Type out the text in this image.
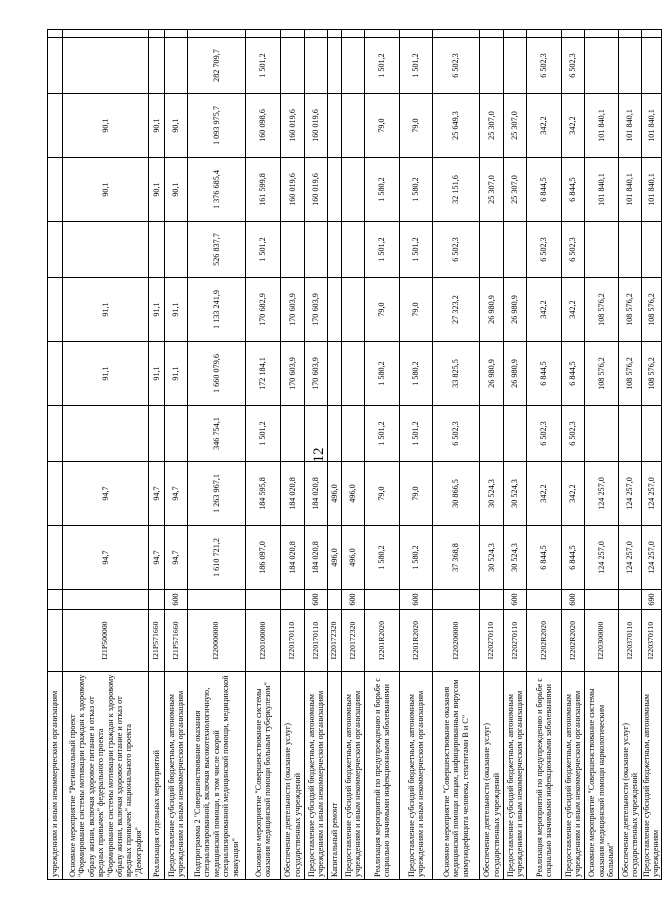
учреждениям и иным некоммерческим организациям													
Основное мероприятие "Региональный проект "Формирование системы мотивации граждан к здоровому образу жизни, включая здоровое питание и отказ от вредных привычек" федерального проекта "Формирование системы мотивации граждан к здоровому образу жизни, включая здоровое питание и отказ от вредных привычек" национального проекта "Демография"	I21P500000		94,7	94,7		91,1	91,1		90,1	90,1			
Реализация отдельных мероприятий	I21P571660		94,7	94,7		91,1	91,1		90,1	90,1			
Предоставление субсидий бюджетным, автономным учреждениям и иным некоммерческим организациям	I21P571660	600	94,7	94,7		91,1	91,1		90,1	90,1			
Подпрограмма 2 "Совершенствование оказания специализированной, включая высокотехнологичную, медицинской помощи, в том числе скорой специализированной медицинской помощи, медицинской эвакуации"	I220000000		1 610 721,2	1 263 967,1	346 754,1	1 660 079,6	1 133 241,9	526 837,7	1 376 685,4	1 093 975,7	282 709,7		
Основное мероприятие "Совершенствование системы оказания медицинской помощи больным туберкулезом"	I220100000		186 097,0	184 595,8	1 501,2	172 184,1	170 682,9	1 501,2	161 599,8	160 098,6	1 501,2		
Обеспечение деятельности (оказание услуг) государственных учреждений	I220170110		184 020,8	184 020,8		170 603,9	170 603,9		160 019,6	160 019,6			
Предоставление субсидий бюджетным, автономным учреждениям и иным некоммерческим организациям	I220170110	600	184 020,8	184 020,8		170 603,9	170 603,9		160 019,6	160 019,6			
Капитальный ремонт	I220172320		496,0	496,0									
Предоставление субсидий бюджетным, автономным учреждениям и иным некоммерческим организациям	I220172320	600	496,0	496,0									
Реализация мероприятий по предупреждению и борьбе с социально значимыми инфекционными заболеваниями	I2201R2020		1 580,2	79,0	1 501,2	1 580,2	79,0	1 501,2	1 580,2	79,0	1 501,2		
Предоставление субсидий бюджетным, автономным учреждениям и иным некоммерческим организациям	I2201R2020	600	1 580,2	79,0	1 501,2	1 580,2	79,0	1 501,2	1 580,2	79,0	1 501,2		
Основное мероприятие "Совершенствование оказания медицинской помощи лицам, инфицированным вирусом иммунодефицита человека, гепатитами В и С"	I220200000		37 368,8	30 866,5	6 502,3	33 825,5	27 323,2	6 502,3	32 151,6	25 649,3	6 502,3		
Обеспечение деятельности (оказание услуг) государственных учреждений	I220270110		30 524,3	30 524,3		26 980,9	26 980,9		25 307,0	25 307,0			
Предоставление субсидий бюджетным, автономным учреждениям и иным некоммерческим организациям	I220270110	600	30 524,3	30 524,3		26 980,9	26 980,9		25 307,0	25 307,0			
Реализация мероприятий по предупреждению и борьбе с социально значимыми инфекционными заболеваниями	I2202R2020		6 844,5	342,2	6 502,3	6 844,5	342,2	6 502,3	6 844,5	342,2	6 502,3		
Предоставление субсидий бюджетным, автономным учреждениям и иным некоммерческим организациям	I2202R2020	600	6 844,5	342,2	6 502,3	6 844,5	342,2	6 502,3	6 844,5	342,2	6 502,3		
Основное мероприятие "Совершенствование системы оказания медицинской помощи наркологическим больным"	I220300000		124 257,0	124 257,0		108 576,2	108 576,2		101 840,1	101 840,1			
Обеспечение деятельности (оказание услуг) государственных учреждений	I220370110		124 257,0	124 257,0		108 576,2	108 576,2		101 840,1	101 840,1			
Предоставление субсидий бюджетным, автономным учреждениям	I220370110	690	124 257,0	124 257,0		108 576,2	108 576,2		101 840,1	101 840,1			
12
